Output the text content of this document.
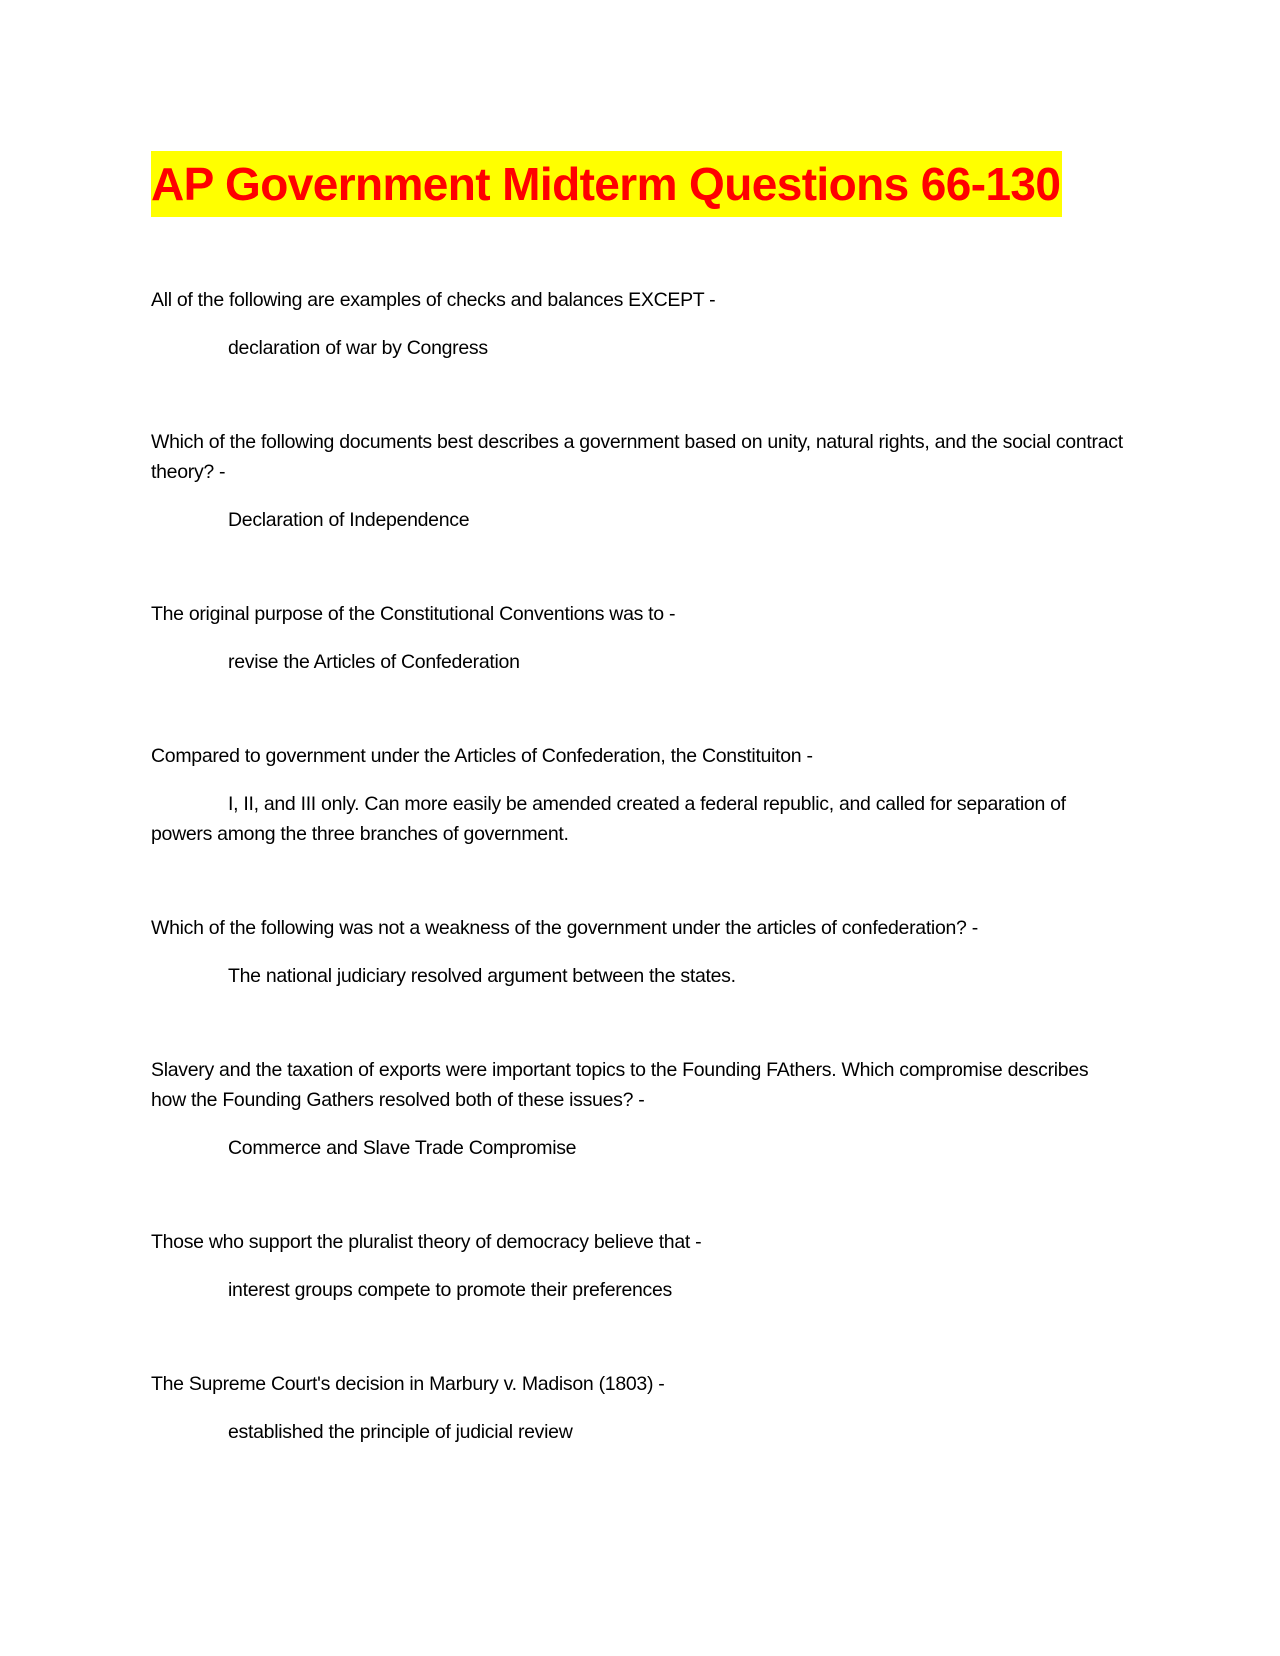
AP Government Midterm Questions 66-130

All of the following are examples of checks and balances EXCEPT -

declaration of war by Congress

Which of the following documents best describes a government based on unity, natural rights, and the social contract theory? -

Declaration of Independence

The original purpose of the Constitutional Conventions was to -

revise the Articles of Confederation

Compared to government under the Articles of Confederation, the Constituiton -

I, II, and III only. Can more easily be amended created a federal republic, and called for separation of powers among the three branches of government.

Which of the following was not a weakness of the government under the articles of confederation? -

The national judiciary resolved argument between the states.

Slavery and the taxation of exports were important topics to the Founding FAthers. Which compromise describes how the Founding Gathers resolved both of these issues? -

Commerce and Slave Trade Compromise

Those who support the pluralist theory of democracy believe that -

interest groups compete to promote their preferences

The Supreme Court's decision in Marbury v. Madison (1803) -

established the principle of judicial review
